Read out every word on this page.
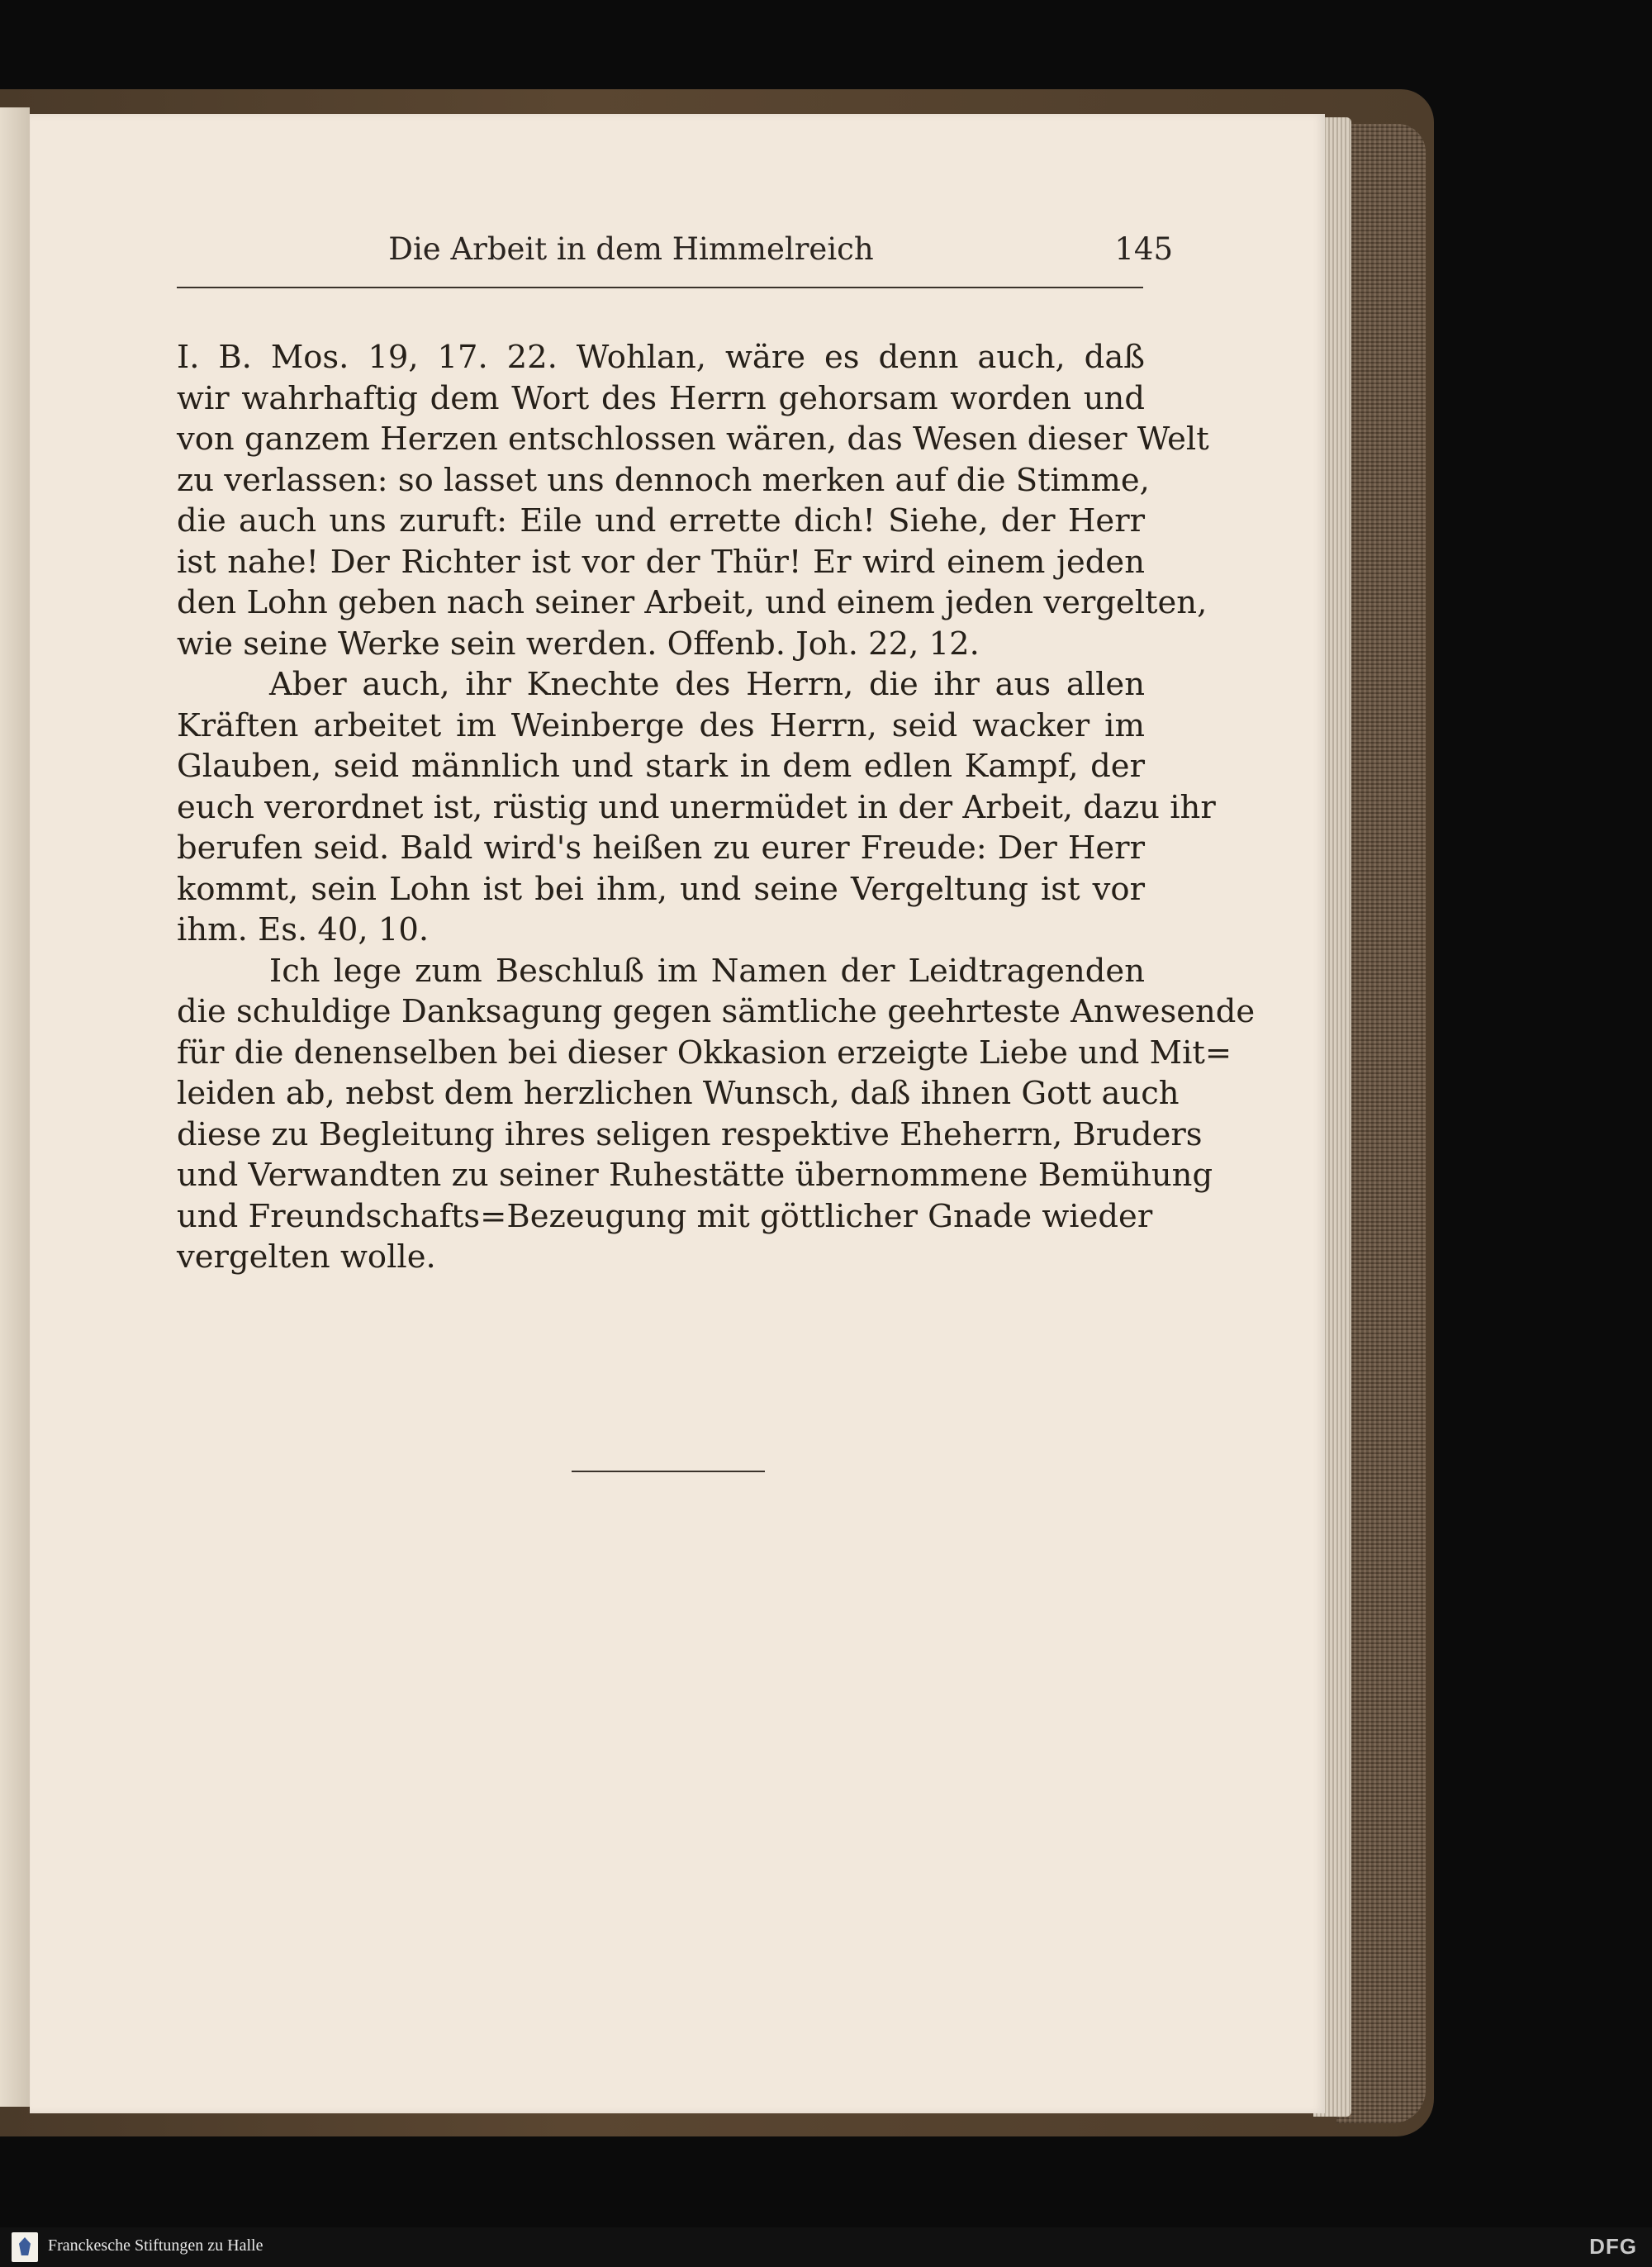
Die Arbeit in dem Himmelreich	145
I. B. Mos. 19, 17. 22. Wohlan, wäre es denn auch, daß
wir wahrhaftig dem Wort des Herrn gehorsam worden und
von ganzem Herzen entschlossen wären, das Wesen dieser Welt
zu verlassen: so lasset uns dennoch merken auf die Stimme,
die auch uns zuruft: Eile und errette dich! Siehe, der Herr
ist nahe! Der Richter ist vor der Thür! Er wird einem jeden
den Lohn geben nach seiner Arbeit, und einem jeden vergelten,
wie seine Werke sein werden. Offenb. Joh. 22, 12.
Aber auch, ihr Knechte des Herrn, die ihr aus allen
Kräften arbeitet im Weinberge des Herrn, seid wacker im
Glauben, seid männlich und stark in dem edlen Kampf, der
euch verordnet ist, rüstig und unermüdet in der Arbeit, dazu ihr
berufen seid. Bald wird's heißen zu eurer Freude: Der Herr
kommt, sein Lohn ist bei ihm, und seine Vergeltung ist vor
ihm. Es. 40, 10.
Ich lege zum Beschluß im Namen der Leidtragenden
die schuldige Danksagung gegen sämtliche geehrteste Anwesende
für die denenselben bei dieser Okkasion erzeigte Liebe und Mit=
leiden ab, nebst dem herzlichen Wunsch, daß ihnen Gott auch
diese zu Begleitung ihres seligen respektive Eheherrn, Bruders
und Verwandten zu seiner Ruhestätte übernommene Bemühung
und Freundschafts=Bezeugung mit göttlicher Gnade wieder
vergelten wolle.
Franckesche Stiftungen zu Halle	DFG
